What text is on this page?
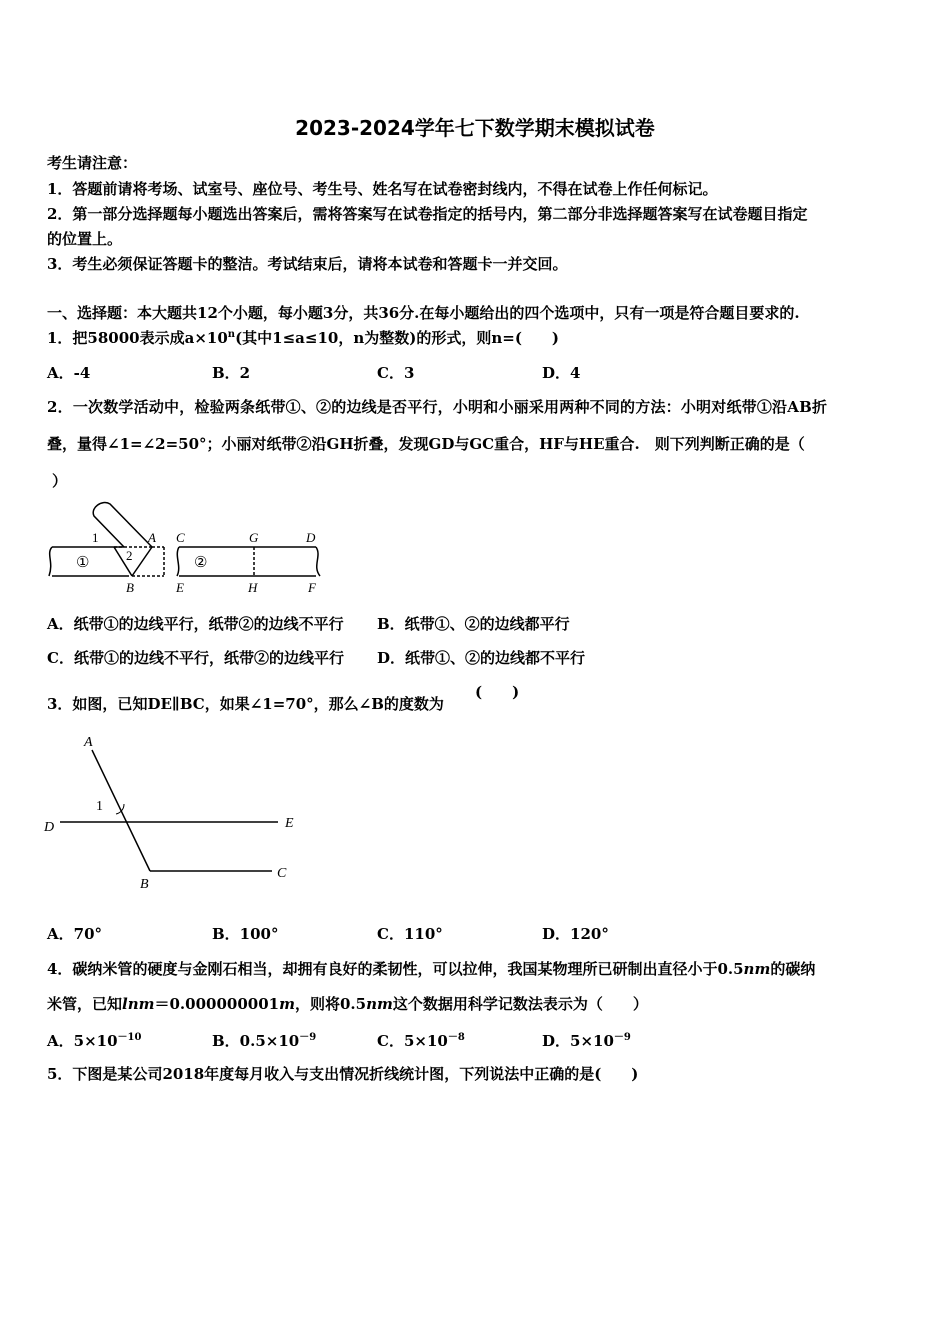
2023-2024学年七下数学期末模拟试卷
考生请注意：
1．答题前请将考场、试室号、座位号、考生号、姓名写在试卷密封线内，不得在试卷上作任何标记。
2．第一部分选择题每小题选出答案后，需将答案写在试卷指定的括号内，第二部分非选择题答案写在试卷题目指定
的位置上。
3．考生必须保证答题卡的整洁。考试结束后，请将本试卷和答题卡一并交回。
一、选择题：本大题共12个小题，每小题3分，共36分.在每小题给出的四个选项中，只有一项是符合题目要求的.
1．把58000表示成$a\times 10^n$(其中1≤a≤10，n为整数)的形式，则n=(　　)
A．-4	B．2	C．3	D．4
2．一次数学活动中，检验两条纸带①、②的边线是否平行，小明和小丽采用两种不同的方法：小明对纸带①沿AB折
叠，量得∠1=∠2=50°；小丽对纸带②沿GH折叠，发现GD与GC重合，HF与HE重合.　则下列判断正确的是（
）
①
1
2
A
B
②
C	G	D
E	H	F
A．纸带①的边线平行，纸带②的边线不平行 B．纸带①、②的边线都平行
C．纸带①的边线不平行，纸带②的边线平行 D．纸带①、②的边线都不平行
3．如图，已知DE∥BC，如果∠1=70°，那么∠B的度数为
(　　)
A
1
D	E
B
C
A．70°	B．100°	C．110°	D．120°
4．碳纳米管的硬度与金刚石相当，却拥有良好的柔韧性，可以拉伸，我国某物理所已研制出直径小于0.5nm的碳纳
米管，已知lnm＝0.000000001m，则将0.5nm这个数据用科学记数法表示为（　　）
A．$5\times 10^{-10}$	B．$0.5\times 10^{-9}$	C．$5\times 10^{-8}$	D．$5\times 10^{-9}$
5．下图是某公司2018年度每月收入与支出情况折线统计图，下列说法中正确的是(　　)
